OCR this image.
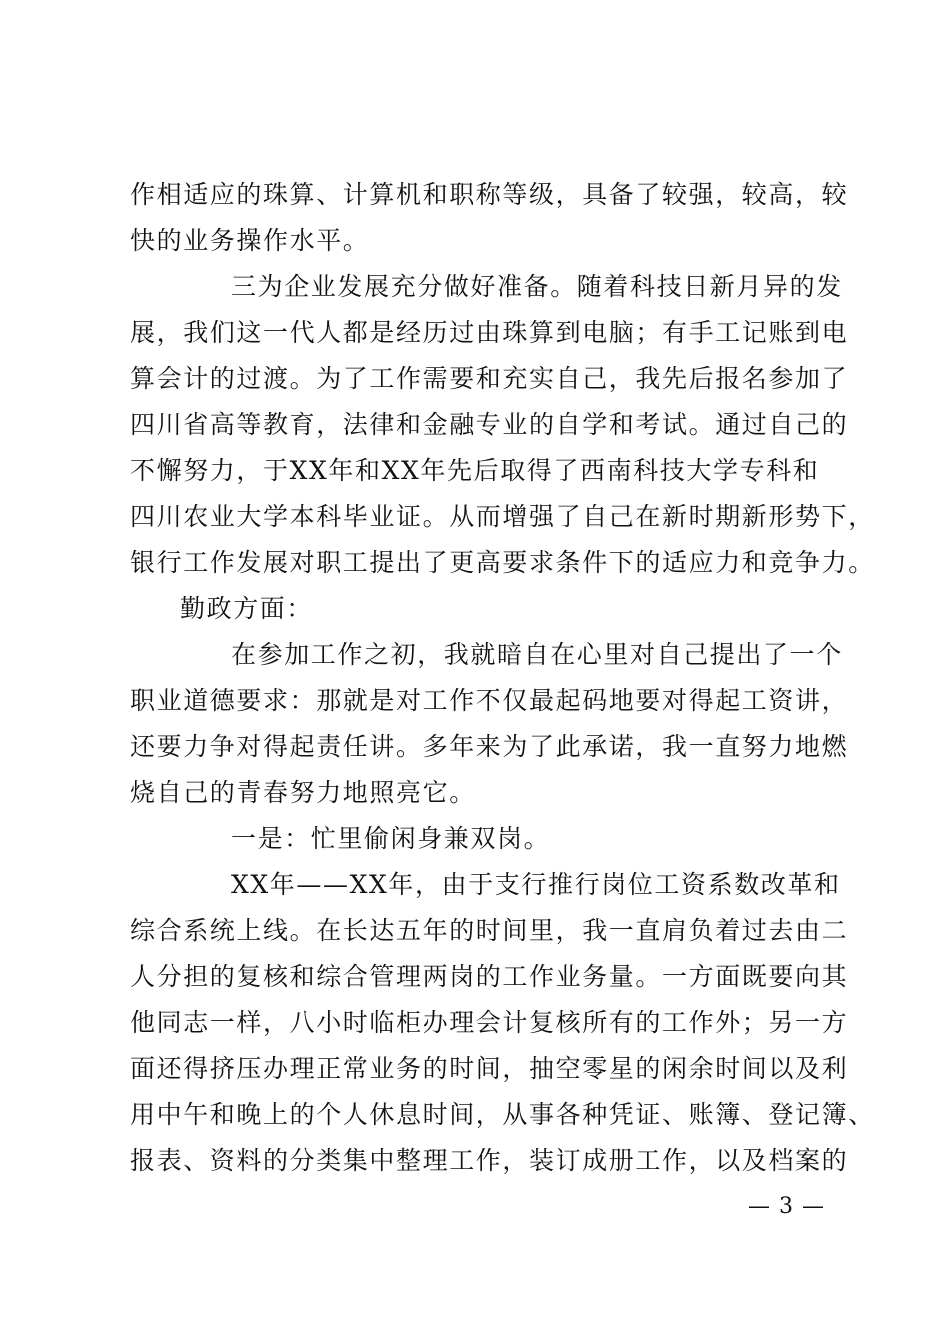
作相适应的珠算、计算机和职称等级，具备了较强，较高，较
快的业务操作水平。
三为企业发展充分做好准备。随着科技日新月异的发
展，我们这一代人都是经历过由珠算到电脑；有手工记账到电
算会计的过渡。为了工作需要和充实自己，我先后报名参加了
四川省高等教育，法律和金融专业的自学和考试。通过自己的
不懈努力，于XX年和XX年先后取得了西南科技大学专科和
四川农业大学本科毕业证。从而增强了自己在新时期新形势下，
银行工作发展对职工提出了更高要求条件下的适应力和竞争力。
勤政方面：
在参加工作之初，我就暗自在心里对自己提出了一个
职业道德要求：那就是对工作不仅最起码地要对得起工资讲，
还要力争对得起责任讲。多年来为了此承诺，我一直努力地燃
烧自己的青春努力地照亮它。
一是：忙里偷闲身兼双岗。
XX年——XX年，由于支行推行岗位工资系数改革和
综合系统上线。在长达五年的时间里，我一直肩负着过去由二
人分担的复核和综合管理两岗的工作业务量。一方面既要向其
他同志一样，八小时临柜办理会计复核所有的工作外；另一方
面还得挤压办理正常业务的时间，抽空零星的闲余时间以及利
用中午和晚上的个人休息时间，从事各种凭证、账簿、登记簿、
报表、资料的分类集中整理工作，装订成册工作，以及档案的
— 3 —
